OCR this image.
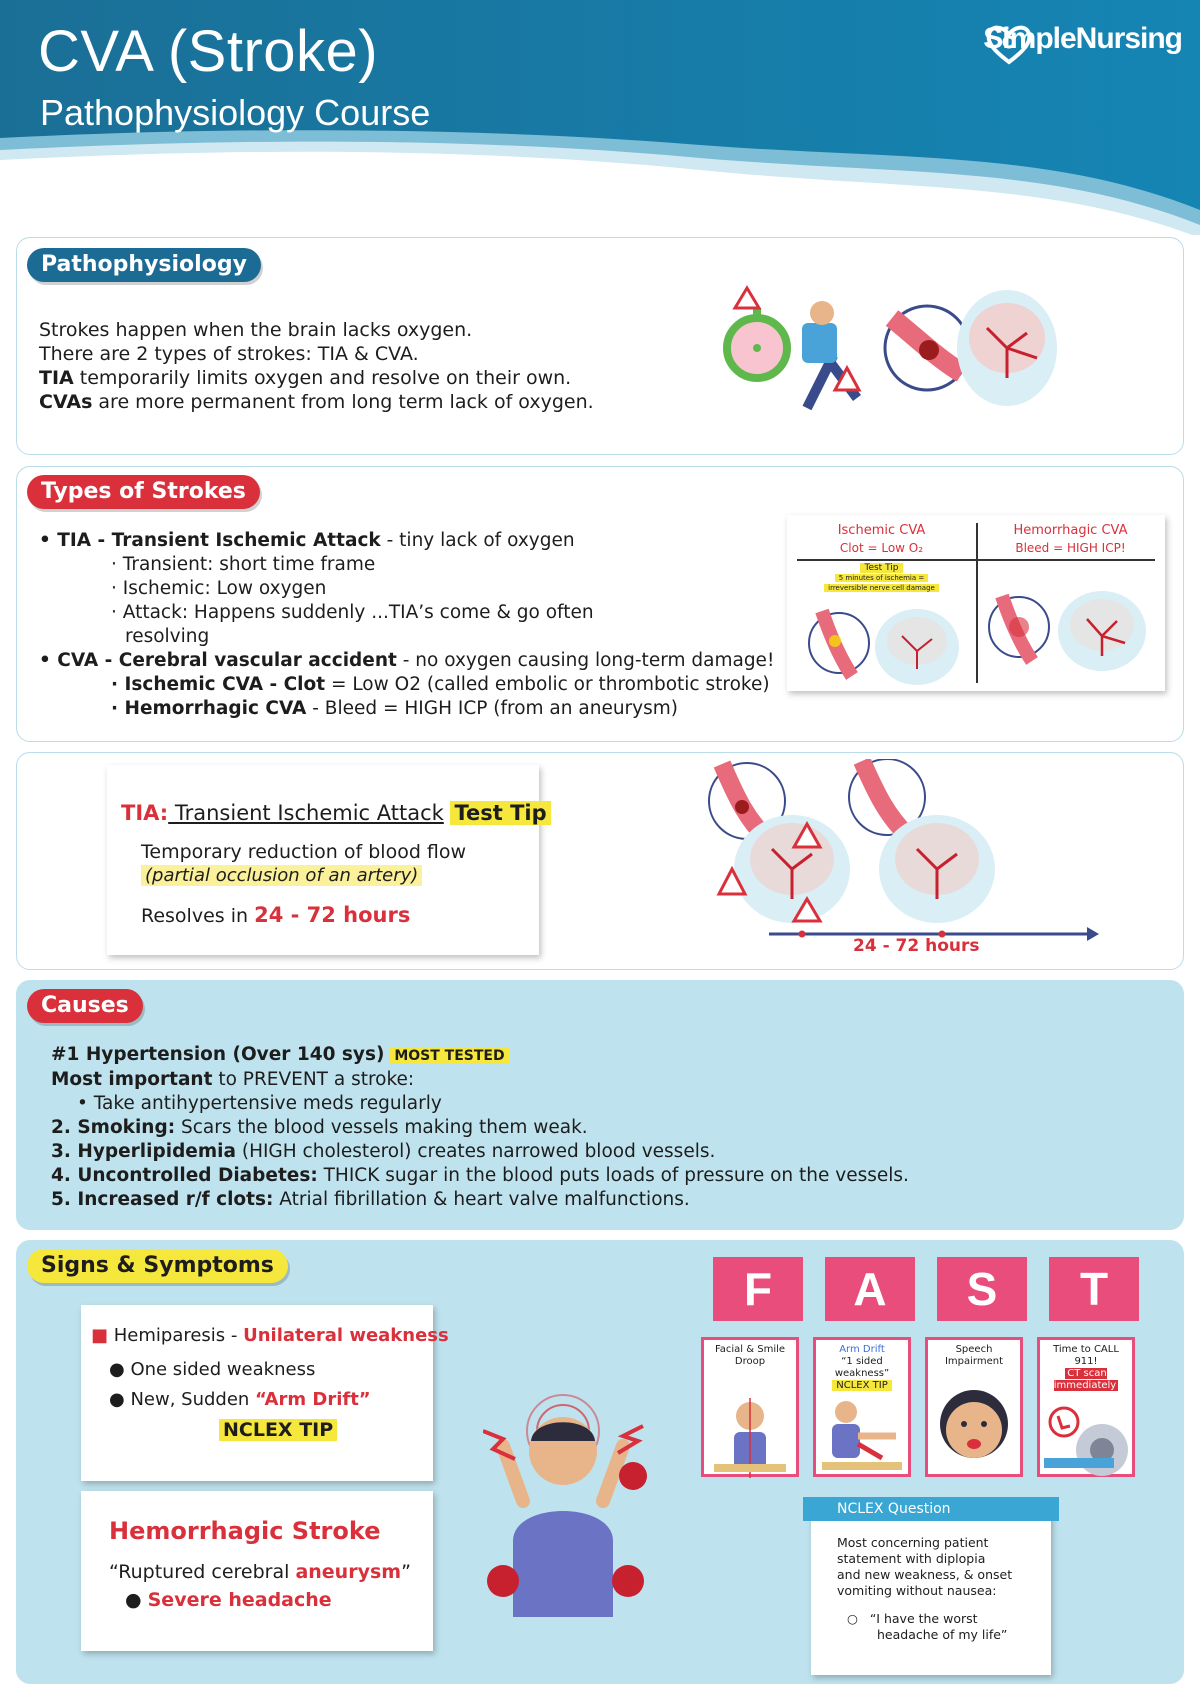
CVA (Stroke)
Pathophysiology Course
SimpleNursing
Pathophysiology
Strokes happen when the brain lacks oxygen.
There are 2 types of strokes: TIA & CVA.
TIA temporarily limits oxygen and resolve on their own.
CVAs are more permanent from long term lack of oxygen.
Types of Strokes
• TIA - Transient Ischemic Attack - tiny lack of oxygen
· Transient: short time frame
· Ischemic: Low oxygen
· Attack: Happens suddenly ...TIA’s come & go often
resolving
• CVA - Cerebral vascular accident - no oxygen causing long-term damage!
· Ischemic CVA - Clot = Low O2 (called embolic or thrombotic stroke)
· Hemorrhagic CVA - Bleed = HIGH ICP (from an aneurysm)
Ischemic CVA
Clot = Low O₂
Hemorrhagic CVA
Bleed = HIGH ICP!
Test Tip
5 minutes of ischemia =
irreversible nerve cell damage
TIA: Transient Ischemic Attack Test Tip
Temporary reduction of blood flow
(partial occlusion of an artery)
Resolves in 24 - 72 hours
24 - 72 hours
Causes
#1 Hypertension (Over 140 sys) MOST TESTED
Most important to PREVENT a stroke:
• Take antihypertensive meds regularly
2. Smoking: Scars the blood vessels making them weak.
3. Hyperlipidemia (HIGH cholesterol) creates narrowed blood vessels.
4. Uncontrolled Diabetes: THICK sugar in the blood puts loads of pressure on the vessels.
5. Increased r/f clots: Atrial fibrillation & heart valve malfunctions.
Signs & Symptoms
■ Hemiparesis - Unilateral weakness
● One sided weakness
● New, Sudden “Arm Drift”
NCLEX TIP
Hemorrhagic Stroke
“Ruptured cerebral aneurysm”
● Severe headache
F	A	S	T
Facial & Smile Droop
Arm Drift
“1 sided weakness”
NCLEX TIP
Speech Impairment
Time to CALL 911!
CT scan immediately
NCLEX Question
Most concerning patient
statement with diplopia
and new weakness, & onset
vomiting without nausea:
○   “I have the worst
headache of my life”
